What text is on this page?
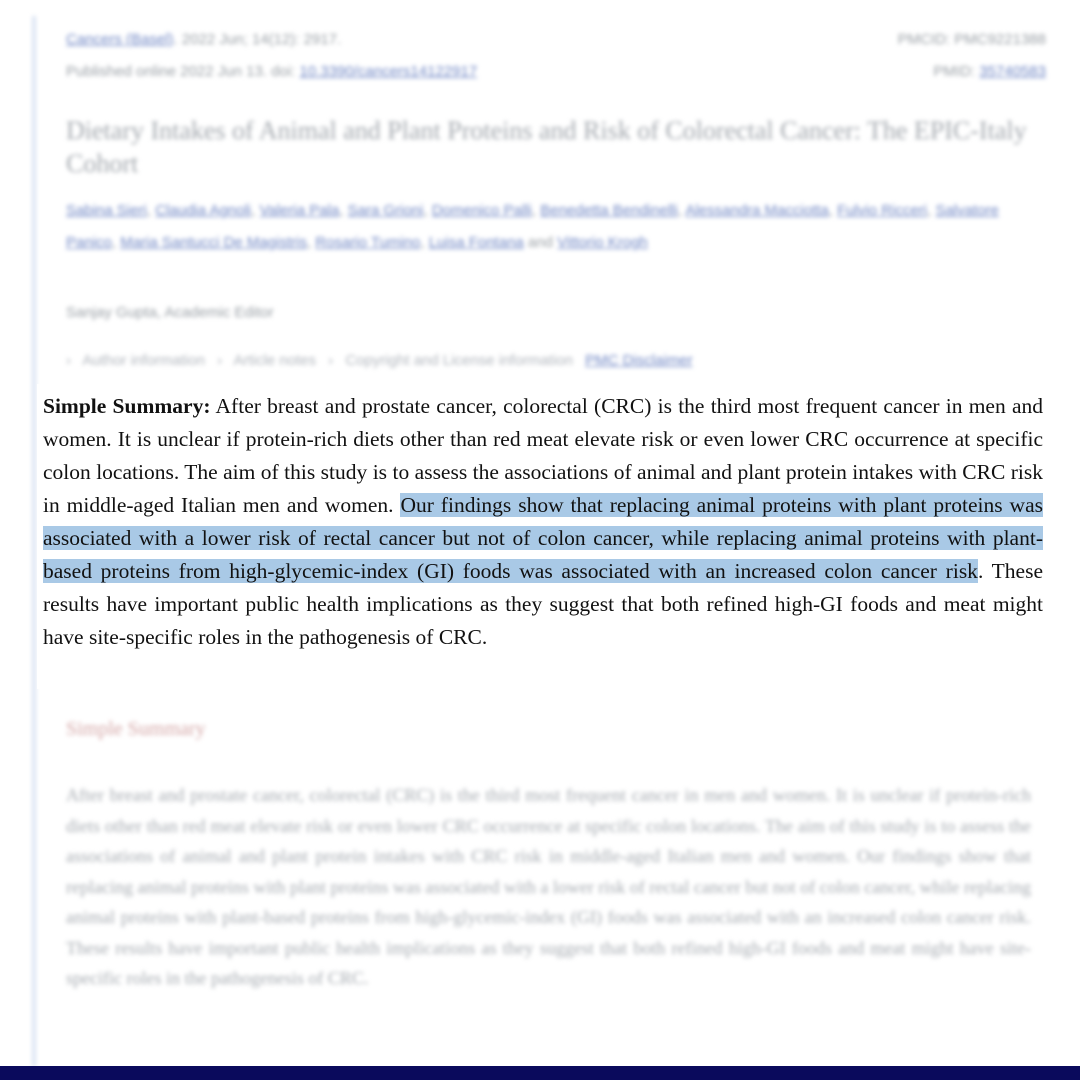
Cancers (Basel). 2022 Jun; 14(12): 2917.
Published online 2022 Jun 13. doi: 10.3390/cancers14122917
PMCID: PMC9221388
PMID: 35740583
Dietary Intakes of Animal and Plant Proteins and Risk of Colorectal Cancer: The EPIC-Italy Cohort
Sabina Sieri, Claudia Agnoli, Valeria Pala, Sara Grioni, Domenico Palli, Benedetta Bendinelli, Alessandra Macciotta, Fulvio Ricceri, Salvatore Panico, Maria Santucci De Magistris, Rosario Tumino, Luisa Fontana and Vittorio Krogh
Sanjay Gupta, Academic Editor
› Author information › Article notes › Copyright and License information PMC Disclaimer
Simple Summary
After breast and prostate cancer, colorectal (CRC) is the third most frequent cancer in men and women. It is unclear if protein-rich diets other than red meat elevate risk or even lower CRC occurrence at specific colon locations. The aim of this study is to assess the associations of animal and plant protein intakes with CRC risk in middle-aged Italian men and women. Our findings show that replacing animal proteins with plant proteins was associated with a lower risk of rectal cancer but not of colon cancer, while replacing animal proteins with plant-based proteins from high-glycemic-index (GI) foods was associated with an increased colon cancer risk. These results have important public health implications as they suggest that both refined high-GI foods and meat might have site-specific roles in the pathogenesis of CRC.

Simple Summary: After breast and prostate cancer, colorectal (CRC) is the third most frequent cancer in men and women. It is unclear if protein-rich diets other than red meat elevate risk or even lower CRC occurrence at specific colon locations. The aim of this study is to assess the associations of animal and plant protein intakes with CRC risk in middle-aged Italian men and women. Our findings show that replacing animal proteins with plant proteins was associated with a lower risk of rectal cancer but not of colon cancer, while replacing animal proteins with plant-based proteins from high-glycemic-index (GI) foods was associated with an increased colon cancer risk. These results have important public health implications as they suggest that both refined high-GI foods and meat might have site-specific roles in the pathogenesis of CRC.
